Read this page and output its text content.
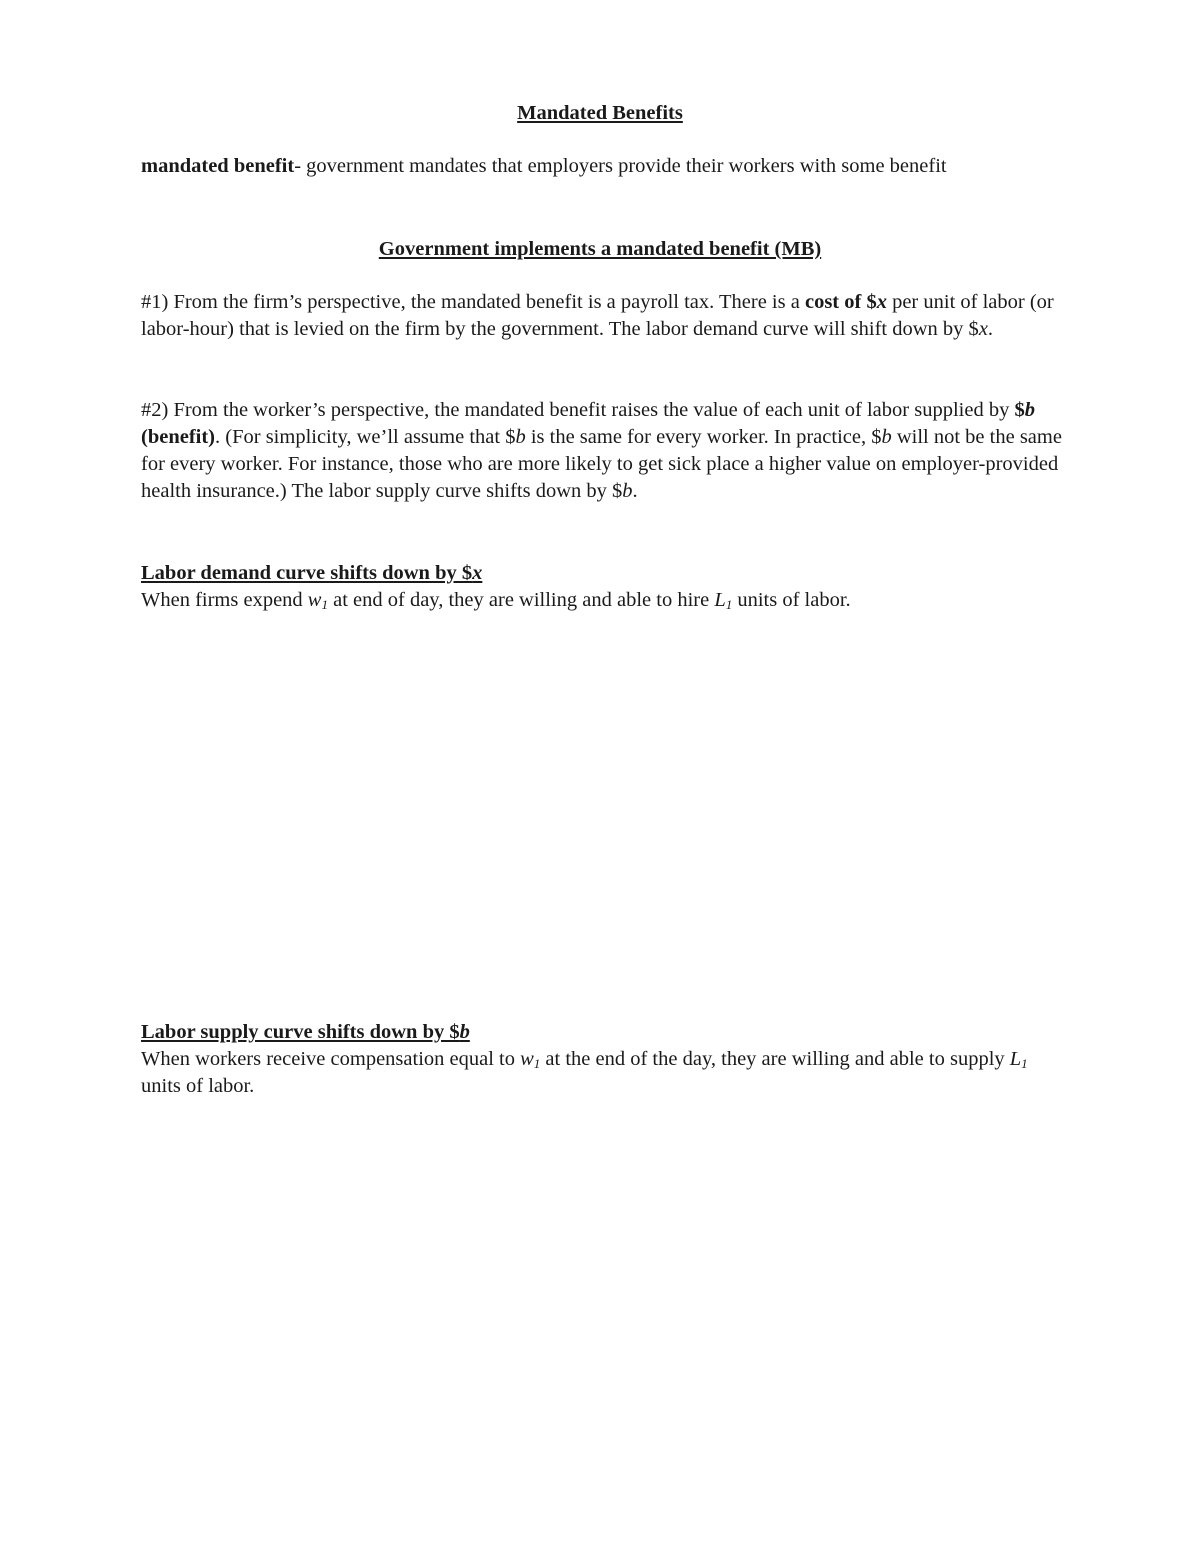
Mandated Benefits
mandated benefit- government mandates that employers provide their workers with some benefit
Government implements a mandated benefit (MB)
#1) From the firm’s perspective, the mandated benefit is a payroll tax. There is a cost of $x per unit of labor (or labor-hour) that is levied on the firm by the government. The labor demand curve will shift down by $x.
#2) From the worker’s perspective, the mandated benefit raises the value of each unit of labor supplied by $b (benefit). (For simplicity, we’ll assume that $b is the same for every worker. In practice, $b will not be the same for every worker. For instance, those who are more likely to get sick place a higher value on employer-provided health insurance.) The labor supply curve shifts down by $b.
Labor demand curve shifts down by $x
When firms expend $w_1$ at end of day, they are willing and able to hire $L_1$ units of labor.
Labor supply curve shifts down by $b
When workers receive compensation equal to $w_1$ at the end of the day, they are willing and able to supply $L_1$ units of labor.
